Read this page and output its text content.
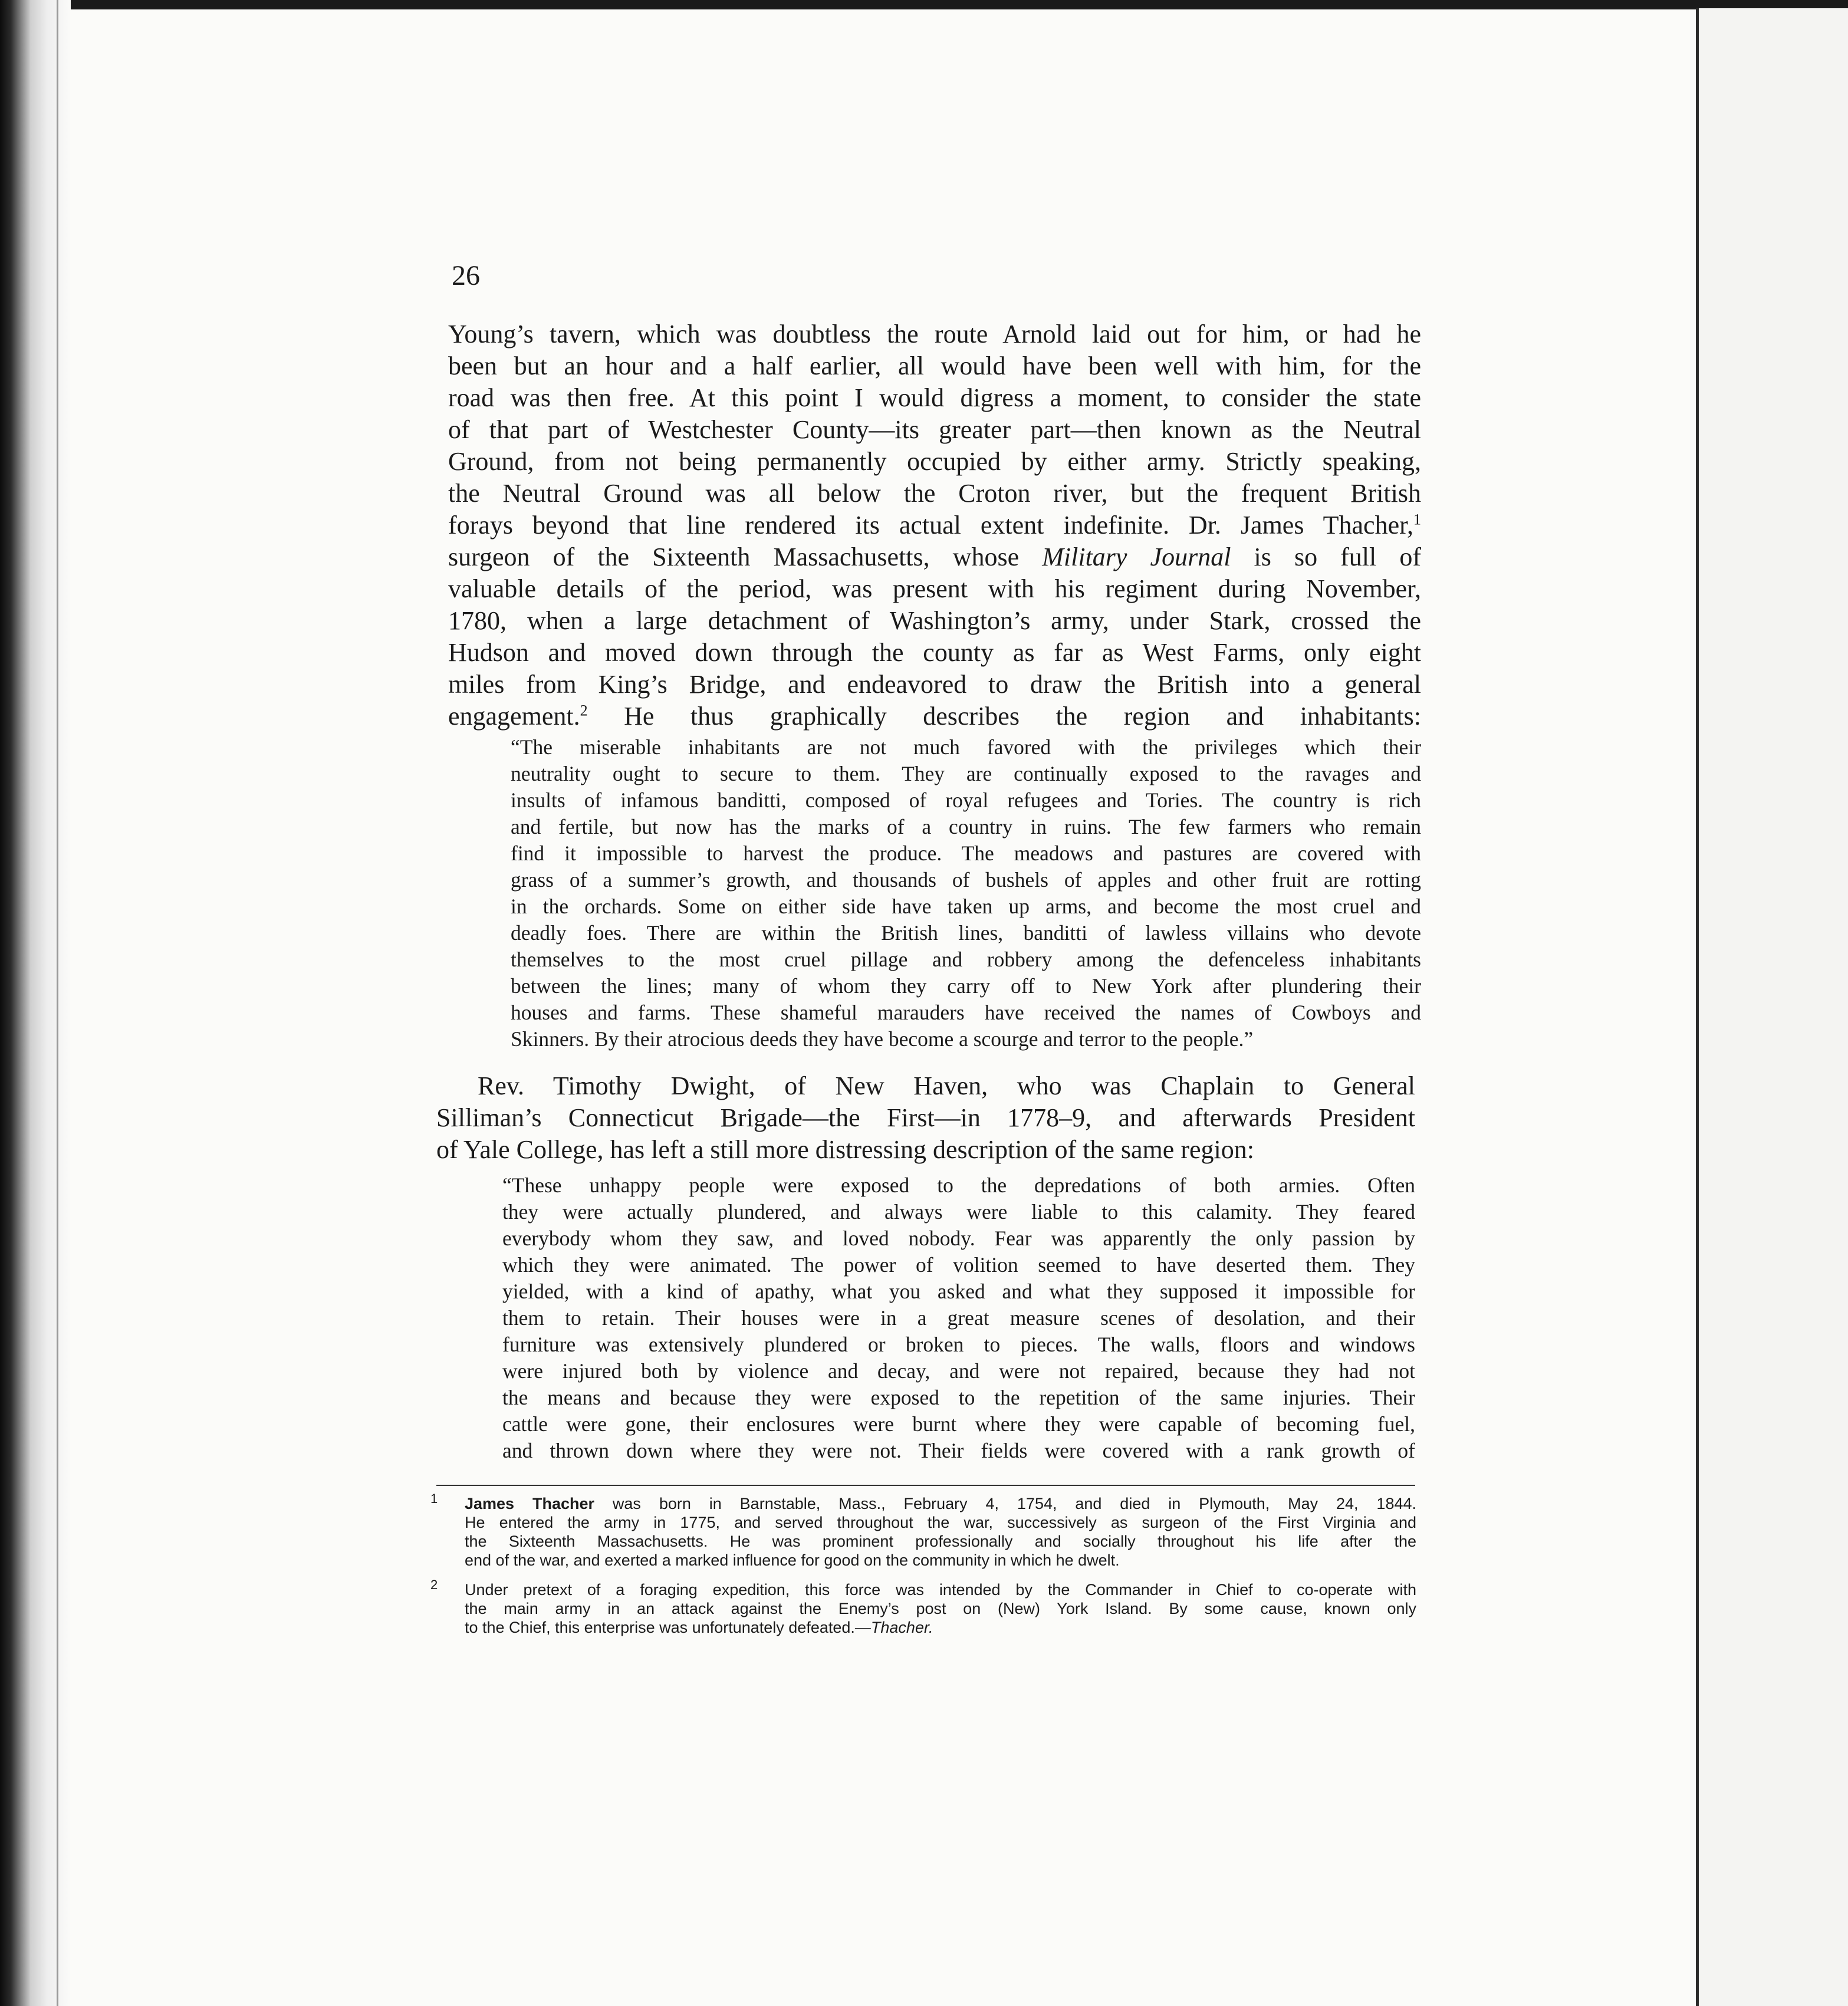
26

Young’s tavern, which was doubtless the route Arnold laid out for him, or had he

been but an hour and a half earlier, all would have been well with him, for the

road was then free. At this point I would digress a moment, to consider the state

of that part of Westchester County—its greater part—then known as the Neutral

Ground, from not being permanently occupied by either army. Strictly speaking,

the Neutral Ground was all below the Croton river, but the frequent British

forays beyond that line rendered its actual extent indefinite. Dr. James Thacher,$^1$

surgeon of the Sixteenth Massachusetts, whose Military Journal is so full of

valuable details of the period, was present with his regiment during November,

1780, when a large detachment of Washington’s army, under Stark, crossed the

Hudson and moved down through the county as far as West Farms, only eight

miles from King’s Bridge, and endeavored to draw the British into a general

engagement.$^2$ He thus graphically describes the region and inhabitants:

“The miserable inhabitants are not much favored with the privileges which their

neutrality ought to secure to them. They are continually exposed to the ravages and

insults of infamous banditti, composed of royal refugees and Tories. The country is rich

and fertile, but now has the marks of a country in ruins. The few farmers who remain

find it impossible to harvest the produce. The meadows and pastures are covered with

grass of a summer’s growth, and thousands of bushels of apples and other fruit are rotting

in the orchards. Some on either side have taken up arms, and become the most cruel and

deadly foes. There are within the British lines, banditti of lawless villains who devote

themselves to the most cruel pillage and robbery among the defenceless inhabitants

between the lines; many of whom they carry off to New York after plundering their

houses and farms. These shameful marauders have received the names of Cowboys and

Skinners. By their atrocious deeds they have become a scourge and terror to the people.”

Rev. Timothy Dwight, of New Haven, who was Chaplain to General

Silliman’s Connecticut Brigade—the First—in 1778–9, and afterwards President

of Yale College, has left a still more distressing description of the same region:

“These unhappy people were exposed to the depredations of both armies. Often

they were actually plundered, and always were liable to this calamity. They feared

everybody whom they saw, and loved nobody. Fear was apparently the only passion by

which they were animated. The power of volition seemed to have deserted them. They

yielded, with a kind of apathy, what you asked and what they supposed it impossible for

them to retain. Their houses were in a great measure scenes of desolation, and their

furniture was extensively plundered or broken to pieces. The walls, floors and windows

were injured both by violence and decay, and were not repaired, because they had not

the means and because they were exposed to the repetition of the same injuries. Their

cattle were gone, their enclosures were burnt where they were capable of becoming fuel,

and thrown down where they were not. Their fields were covered with a rank growth of

1 James Thacher was born in Barnstable, Mass., February 4, 1754, and died in Plymouth, May 24, 1844.

He entered the army in 1775, and served throughout the war, successively as surgeon of the First Virginia and

the Sixteenth Massachusetts. He was prominent professionally and socially throughout his life after the

end of the war, and exerted a marked influence for good on the community in which he dwelt.

2 Under pretext of a foraging expedition, this force was intended by the Commander in Chief to co-operate with

the main army in an attack against the Enemy’s post on (New) York Island. By some cause, known only

to the Chief, this enterprise was unfortunately defeated.—Thacher.
